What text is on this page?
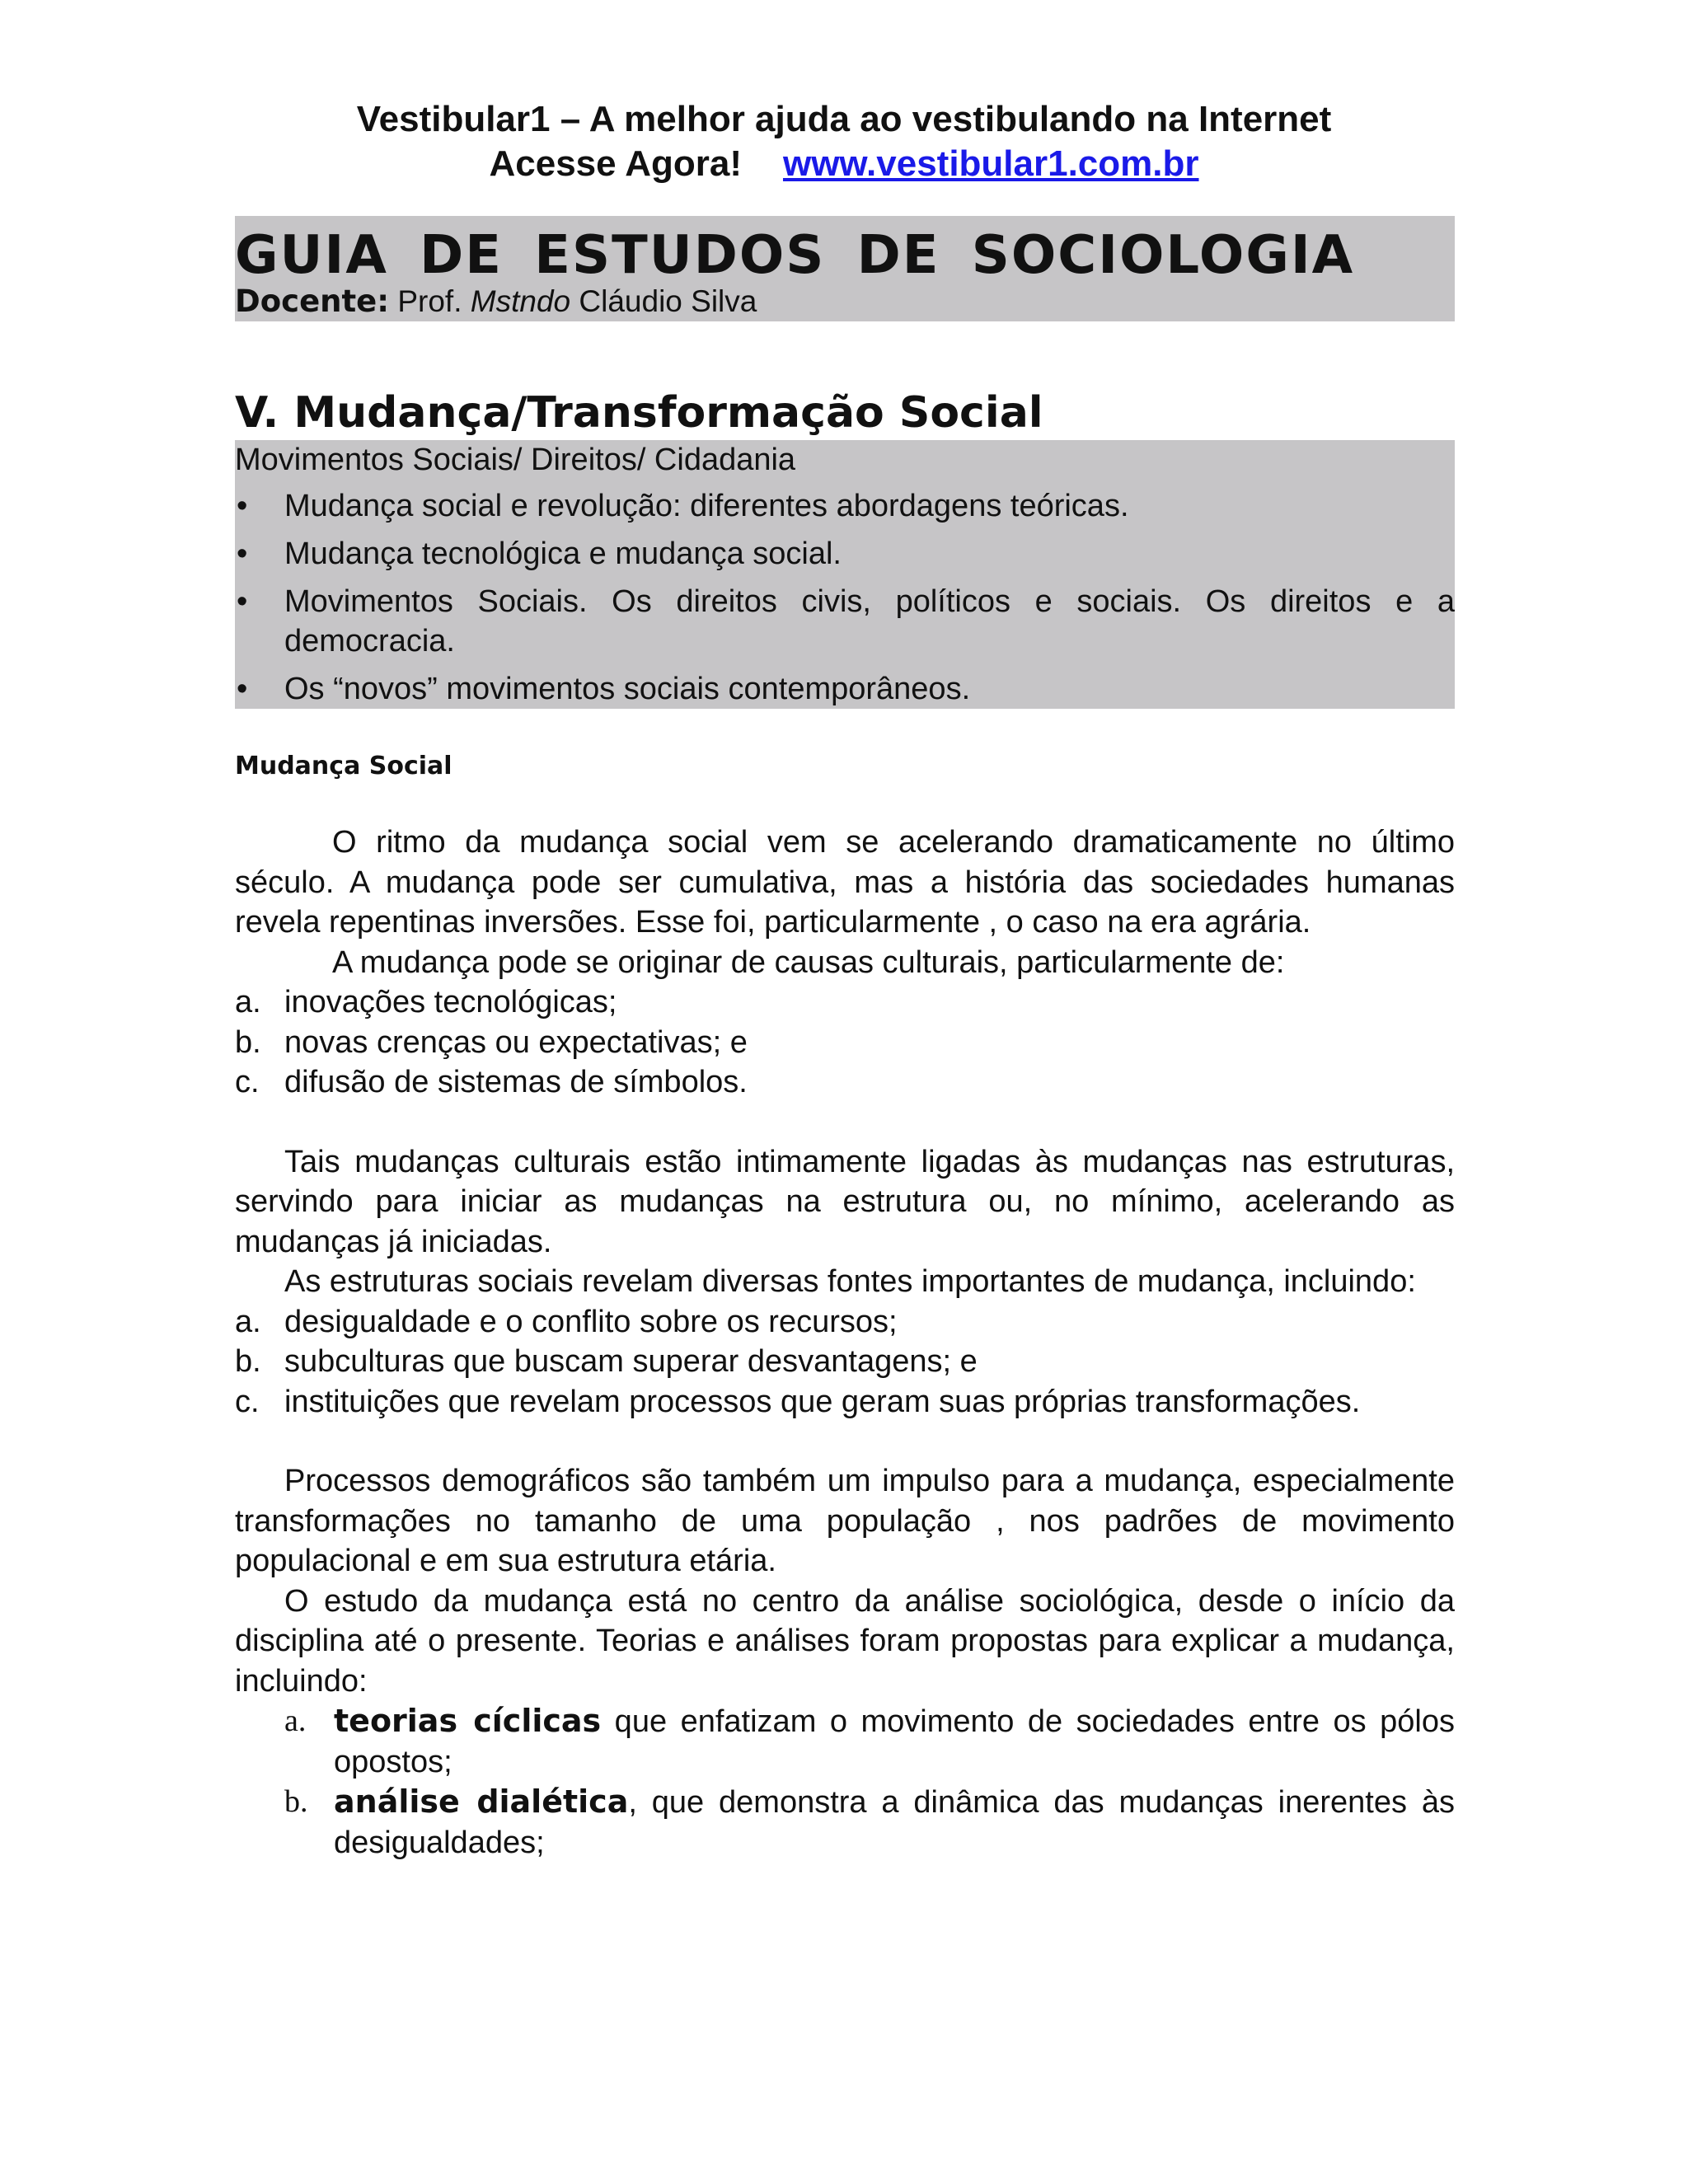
Vestibular1 – A melhor ajuda ao vestibulando na Internet
Acesse Agora! www.vestibular1.com.br
GUIA DE ESTUDOS DE SOCIOLOGIA
Docente: Prof. Mstndo Cláudio Silva
V. Mudança/Transformação Social
Movimentos Sociais/ Direitos/ Cidadania
• Mudança social e revolução: diferentes abordagens teóricas.
• Mudança tecnológica e mudança social.
• Movimentos Sociais. Os direitos civis, políticos e sociais. Os direitos e a democracia.
• Os “novos” movimentos sociais contemporâneos.
Mudança Social

O ritmo da mudança social vem se acelerando dramaticamente no último século. A mudança pode ser cumulativa, mas a história das sociedades humanas revela repentinas inversões. Esse foi, particularmente , o caso na era agrária.

A mudança pode se originar de causas culturais, particularmente de:

a. inovações tecnológicas;
b. novas crenças ou expectativas; e
c. difusão de sistemas de símbolos.

Tais mudanças culturais estão intimamente ligadas às mudanças nas estruturas, servindo para iniciar as mudanças na estrutura ou, no mínimo, acelerando as mudanças já iniciadas.

As estruturas sociais revelam diversas fontes importantes de mudança, incluindo:
a. desigualdade e o conflito sobre os recursos;
b. subculturas que buscam superar desvantagens; e
c. instituições que revelam processos que geram suas próprias transformações.

Processos demográficos são também um impulso para a mudança, especialmente transformações no tamanho de uma população , nos padrões de movimento populacional e em sua estrutura etária.

O estudo da mudança está no centro da análise sociológica, desde o início da disciplina até o presente. Teorias e análises foram propostas para explicar a mudança, incluindo:

a. teorias cíclicas que enfatizam o movimento de sociedades entre os pólos opostos;
b. análise dialética, que demonstra a dinâmica das mudanças inerentes às desigualdades;
